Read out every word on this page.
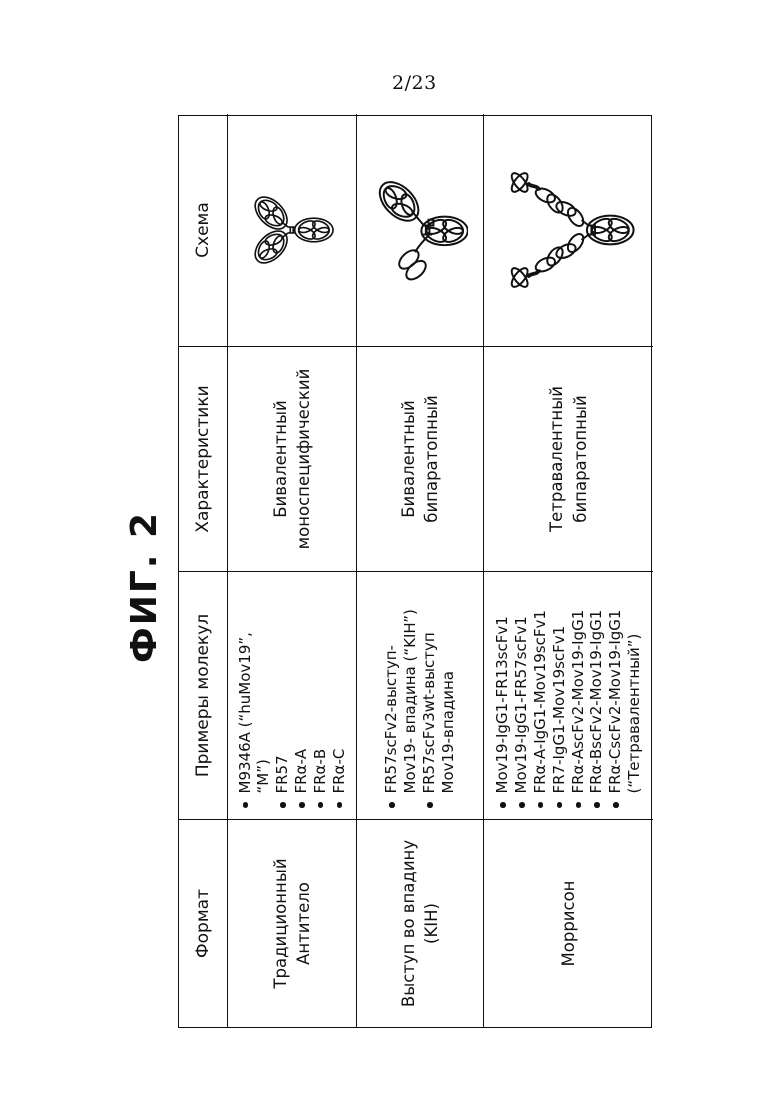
2/23
ФИГ. 2
Формат
Примеры молекул
Характеристики
Схема
Традиционный Антитело
M9346A (“huMov19”, “M”) FR57 FRα-A FRα-B FRα-C
Бивалентный моноспецифический
Выступ во впадину (KIH)
FR57scFv2-выступ- Mov19- впадина (“KIH”) FR57scFv3wt-выступ Mov19-впадина
Бивалентный бипаратопный
Моррисон
Mov19-IgG1-FR13scFv1 Mov19-IgG1-FR57scFv1 FRα-A-IgG1-Mov19scFv1 FR7-IgG1-Mov19scFv1 FRα-AscFv2-Mov19-IgG1 FRα-BscFv2-Mov19-IgG1 FRα-CscFv2-Mov19-IgG1 (“Тетравалентный”)
Тетравалентный бипаратопный
